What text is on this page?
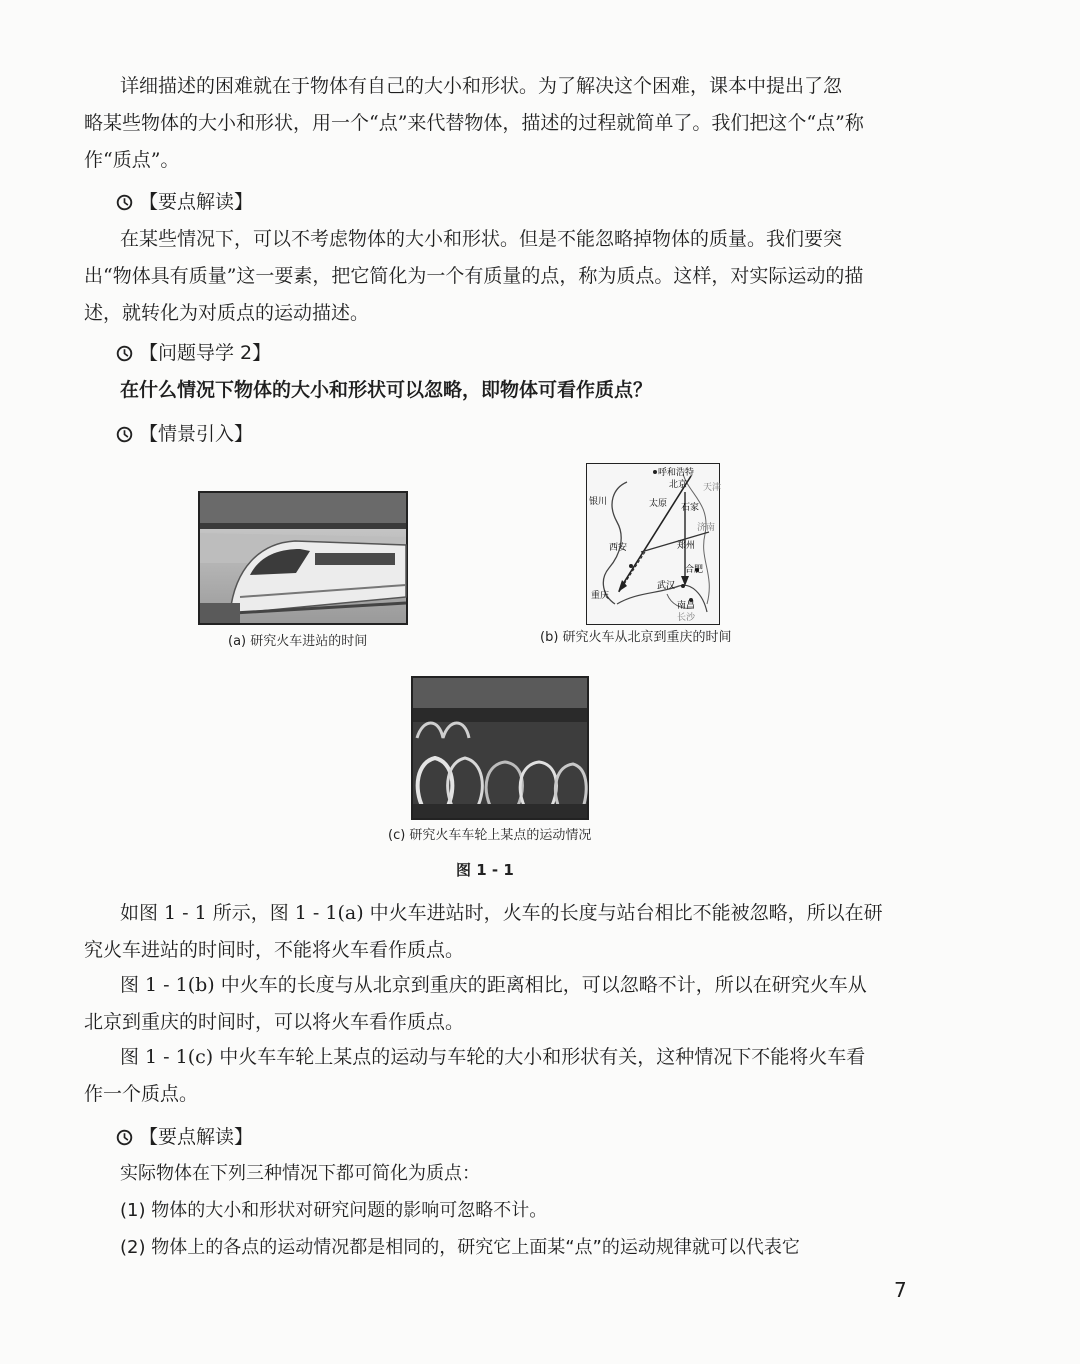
详细描述的困难就在于物体有自己的大小和形状。为了解决这个困难，课本中提出了忽
略某些物体的大小和形状，用一个“点”来代替物体，描述的过程就简单了。我们把这个“点”称
作“质点”。
【要点解读】
在某些情况下，可以不考虑物体的大小和形状。但是不能忽略掉物体的质量。我们要突
出“物体具有质量”这一要素，把它简化为一个有质量的点，称为质点。这样，对实际运动的描
述，就转化为对质点的运动描述。
【问题导学 2】
在什么情况下物体的大小和形状可以忽略，即物体可看作质点？
【情景引入】
(a) 研究火车进站的时间
呼和浩特
北京 天津
银川	太原 石家
济南
西安	郑州
合肥
武汉
重庆
南昌
长沙
(b) 研究火车从北京到重庆的时间
(c) 研究火车车轮上某点的运动情况
图 1 - 1
如图 1 - 1 所示，图 1 - 1(a) 中火车进站时，火车的长度与站台相比不能被忽略，所以在研
究火车进站的时间时，不能将火车看作质点。
图 1 - 1(b) 中火车的长度与从北京到重庆的距离相比，可以忽略不计，所以在研究火车从
北京到重庆的时间时，可以将火车看作质点。
图 1 - 1(c) 中火车车轮上某点的运动与车轮的大小和形状有关，这种情况下不能将火车看
作一个质点。
【要点解读】
实际物体在下列三种情况下都可简化为质点：
(1) 物体的大小和形状对研究问题的影响可忽略不计。
(2) 物体上的各点的运动情况都是相同的，研究它上面某“点”的运动规律就可以代表它
7
